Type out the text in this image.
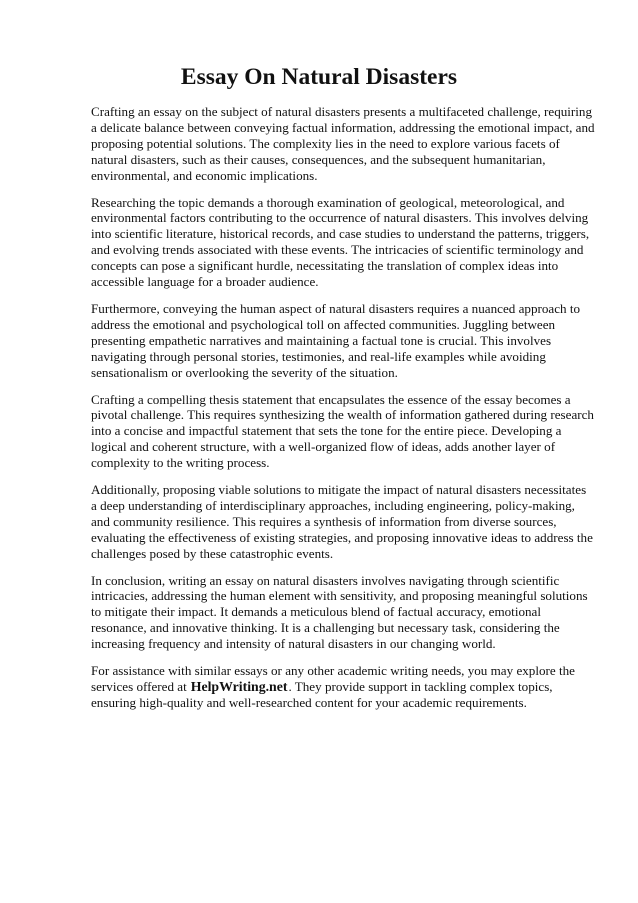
Essay On Natural Disasters

Crafting an essay on the subject of natural disasters presents a multifaceted challenge, requiring a delicate balance between conveying factual information, addressing the emotional impact, and proposing potential solutions. The complexity lies in the need to explore various facets of natural disasters, such as their causes, consequences, and the subsequent humanitarian, environmental, and economic implications.

Researching the topic demands a thorough examination of geological, meteorological, and environmental factors contributing to the occurrence of natural disasters. This involves delving into scientific literature, historical records, and case studies to understand the patterns, triggers, and evolving trends associated with these events. The intricacies of scientific terminology and concepts can pose a significant hurdle, necessitating the translation of complex ideas into accessible language for a broader audience.

Furthermore, conveying the human aspect of natural disasters requires a nuanced approach to address the emotional and psychological toll on affected communities. Juggling between presenting empathetic narratives and maintaining a factual tone is crucial. This involves navigating through personal stories, testimonies, and real-life examples while avoiding sensationalism or overlooking the severity of the situation.

Crafting a compelling thesis statement that encapsulates the essence of the essay becomes a pivotal challenge. This requires synthesizing the wealth of information gathered during research into a concise and impactful statement that sets the tone for the entire piece. Developing a logical and coherent structure, with a well-organized flow of ideas, adds another layer of complexity to the writing process.

Additionally, proposing viable solutions to mitigate the impact of natural disasters necessitates a deep understanding of interdisciplinary approaches, including engineering, policy-making, and community resilience. This requires a synthesis of information from diverse sources, evaluating the effectiveness of existing strategies, and proposing innovative ideas to address the challenges posed by these catastrophic events.

In conclusion, writing an essay on natural disasters involves navigating through scientific intricacies, addressing the human element with sensitivity, and proposing meaningful solutions to mitigate their impact. It demands a meticulous blend of factual accuracy, emotional resonance, and innovative thinking. It is a challenging but necessary task, considering the increasing frequency and intensity of natural disasters in our changing world.

For assistance with similar essays or any other academic writing needs, you may explore the services offered at HelpWriting.net. They provide support in tackling complex topics, ensuring high-quality and well-researched content for your academic requirements.
